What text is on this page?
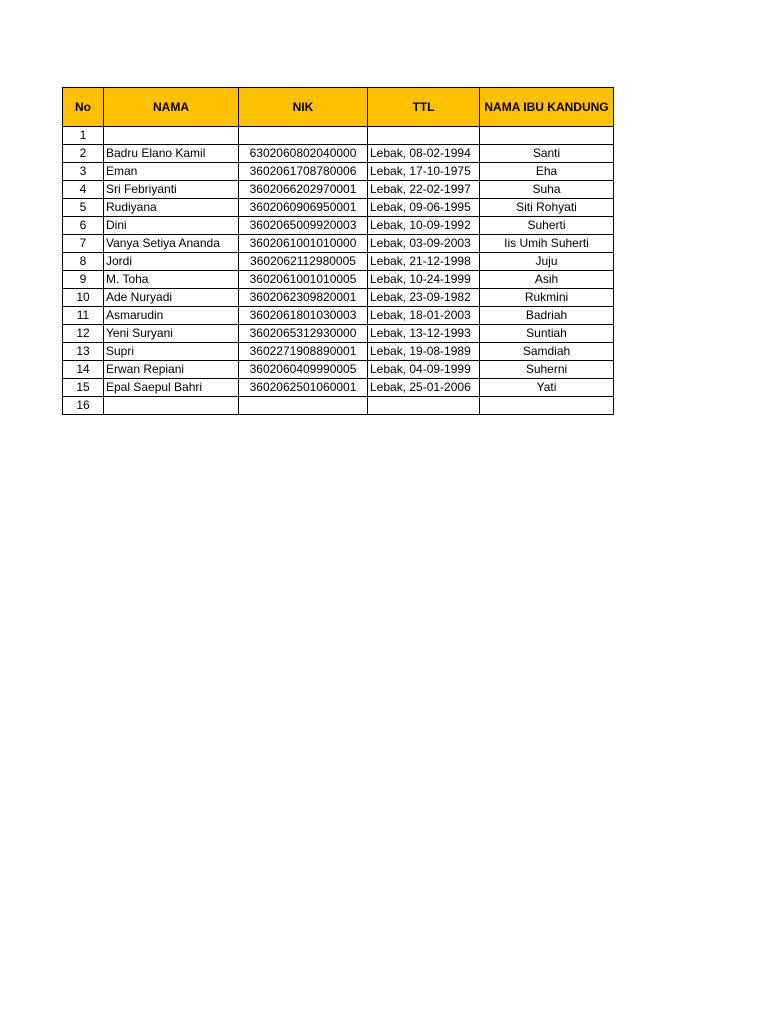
No	NAMA	NIK	TTL	NAMA IBU KANDUNG
1				
2	Badru Elano Kamil	6302060802040000	Lebak, 08-02-1994	Santi
3	Eman	3602061708780006	Lebak, 17-10-1975	Eha
4	Sri Febriyanti	3602066202970001	Lebak, 22-02-1997	Suha
5	Rudiyana	3602060906950001	Lebak, 09-06-1995	Siti Rohyati
6	Dini	3602065009920003	Lebak, 10-09-1992	Suherti
7	Vanya Setiya Ananda	3602061001010000	Lebak, 03-09-2003	Iis Umih Suherti
8	Jordi	3602062112980005	Lebak, 21-12-1998	Juju
9	M. Toha	3602061001010005	Lebak, 10-24-1999	Asih
10	Ade Nuryadi	3602062309820001	Lebak, 23-09-1982	Rukmini
11	Asmarudin	3602061801030003	Lebak, 18-01-2003	Badriah
12	Yeni Suryani	3602065312930000	Lebak, 13-12-1993	Suntiah
13	Supri	3602271908890001	Lebak, 19-08-1989	Samdiah
14	Erwan Repiani	3602060409990005	Lebak, 04-09-1999	Suherni
15	Epal Saepul Bahri	3602062501060001	Lebak, 25-01-2006	Yati
16				
